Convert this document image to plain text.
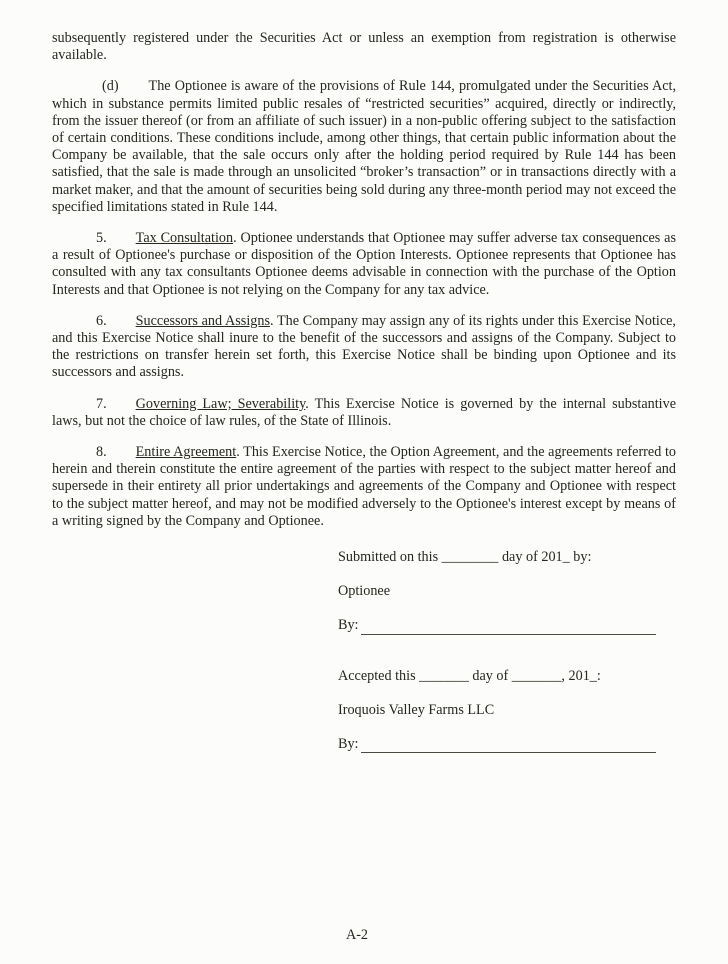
subsequently registered under the Securities Act or unless an exemption from registration is otherwise available.

(d) The Optionee is aware of the provisions of Rule 144, promulgated under the Securities Act, which in substance permits limited public resales of “restricted securities” acquired, directly or indirectly, from the issuer thereof (or from an affiliate of such issuer) in a non-public offering subject to the satisfaction of certain conditions. These conditions include, among other things, that certain public information about the Company be available, that the sale occurs only after the holding period required by Rule 144 has been satisfied, that the sale is made through an unsolicited “broker’s transaction” or in transactions directly with a market maker, and that the amount of securities being sold during any three-month period may not exceed the specified limitations stated in Rule 144.

5. Tax Consultation. Optionee understands that Optionee may suffer adverse tax consequences as a result of Optionee's purchase or disposition of the Option Interests. Optionee represents that Optionee has consulted with any tax consultants Optionee deems advisable in connection with the purchase of the Option Interests and that Optionee is not relying on the Company for any tax advice.

6. Successors and Assigns. The Company may assign any of its rights under this Exercise Notice, and this Exercise Notice shall inure to the benefit of the successors and assigns of the Company. Subject to the restrictions on transfer herein set forth, this Exercise Notice shall be binding upon Optionee and its successors and assigns.

7. Governing Law; Severability. This Exercise Notice is governed by the internal substantive laws, but not the choice of law rules, of the State of Illinois.

8. Entire Agreement. This Exercise Notice, the Option Agreement, and the agreements referred to herein and therein constitute the entire agreement of the parties with respect to the subject matter hereof and supersede in their entirety all prior undertakings and agreements of the Company and Optionee with respect to the subject matter hereof, and may not be modified adversely to the Optionee's interest except by means of a writing signed by the Company and Optionee.

Submitted on this ________ day of 201_ by:

Optionee

By:

Accepted this _______ day of _______, 201_:

Iroquois Valley Farms LLC

By:
A-2
